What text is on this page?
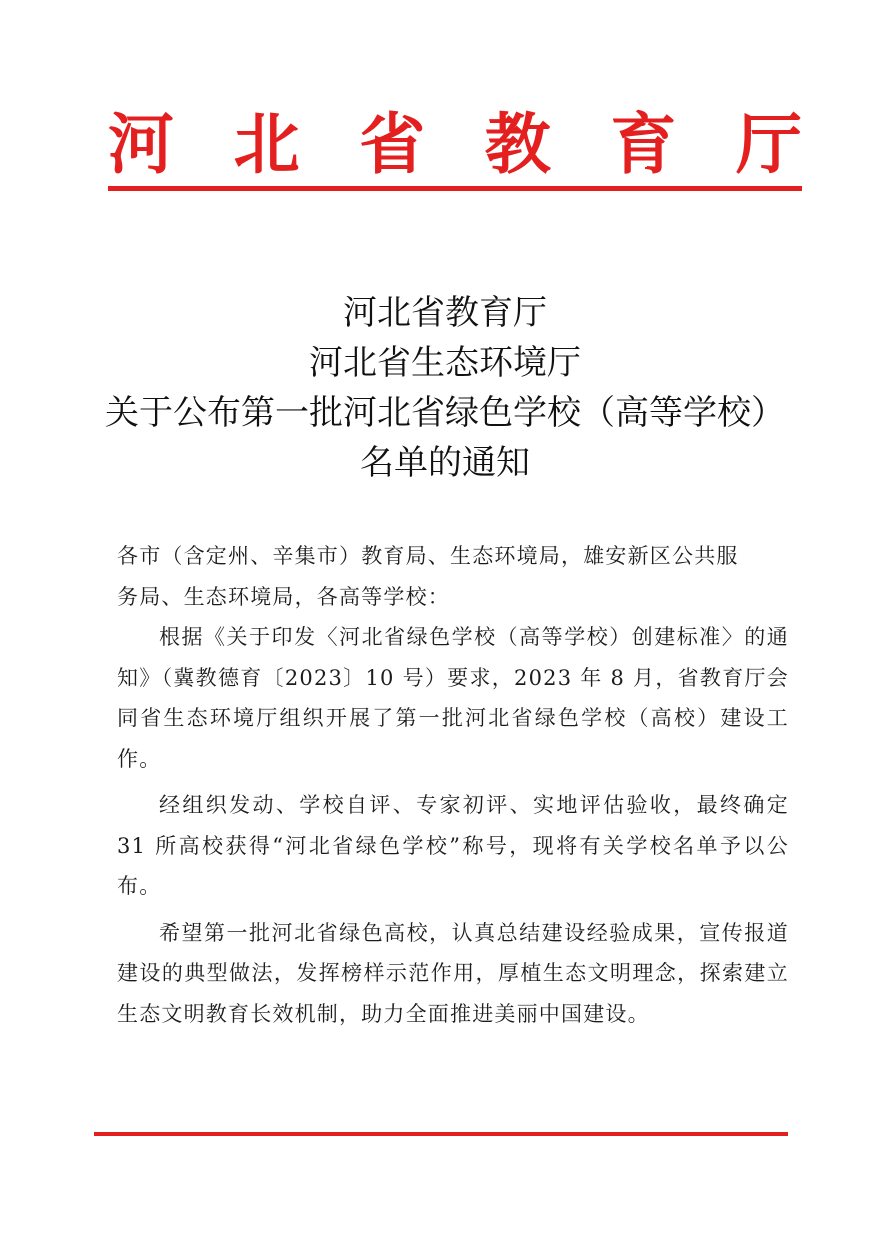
河 北 省 教 育 厅
河北省教育厅
河北省生态环境厅
关于公布第一批河北省绿色学校（高等学校）
名单的通知

各市（含定州、辛集市）教育局、生态环境局，雄安新区公共服

务局、生态环境局，各高等学校：

根据《关于印发〈河北省绿色学校（高等学校）创建标准〉的通知》（冀教德育〔2023〕10 号）要求，2023 年 8 月，省教育厅会同省生态环境厅组织开展了第一批河北省绿色学校（高校）建设工作。

经组织发动、学校自评、专家初评、实地评估验收，最终确定 31 所高校获得“河北省绿色学校”称号，现将有关学校名单予以公布。

希望第一批河北省绿色高校，认真总结建设经验成果，宣传报道建设的典型做法，发挥榜样示范作用，厚植生态文明理念，探索建立生态文明教育长效机制，助力全面推进美丽中国建设。
